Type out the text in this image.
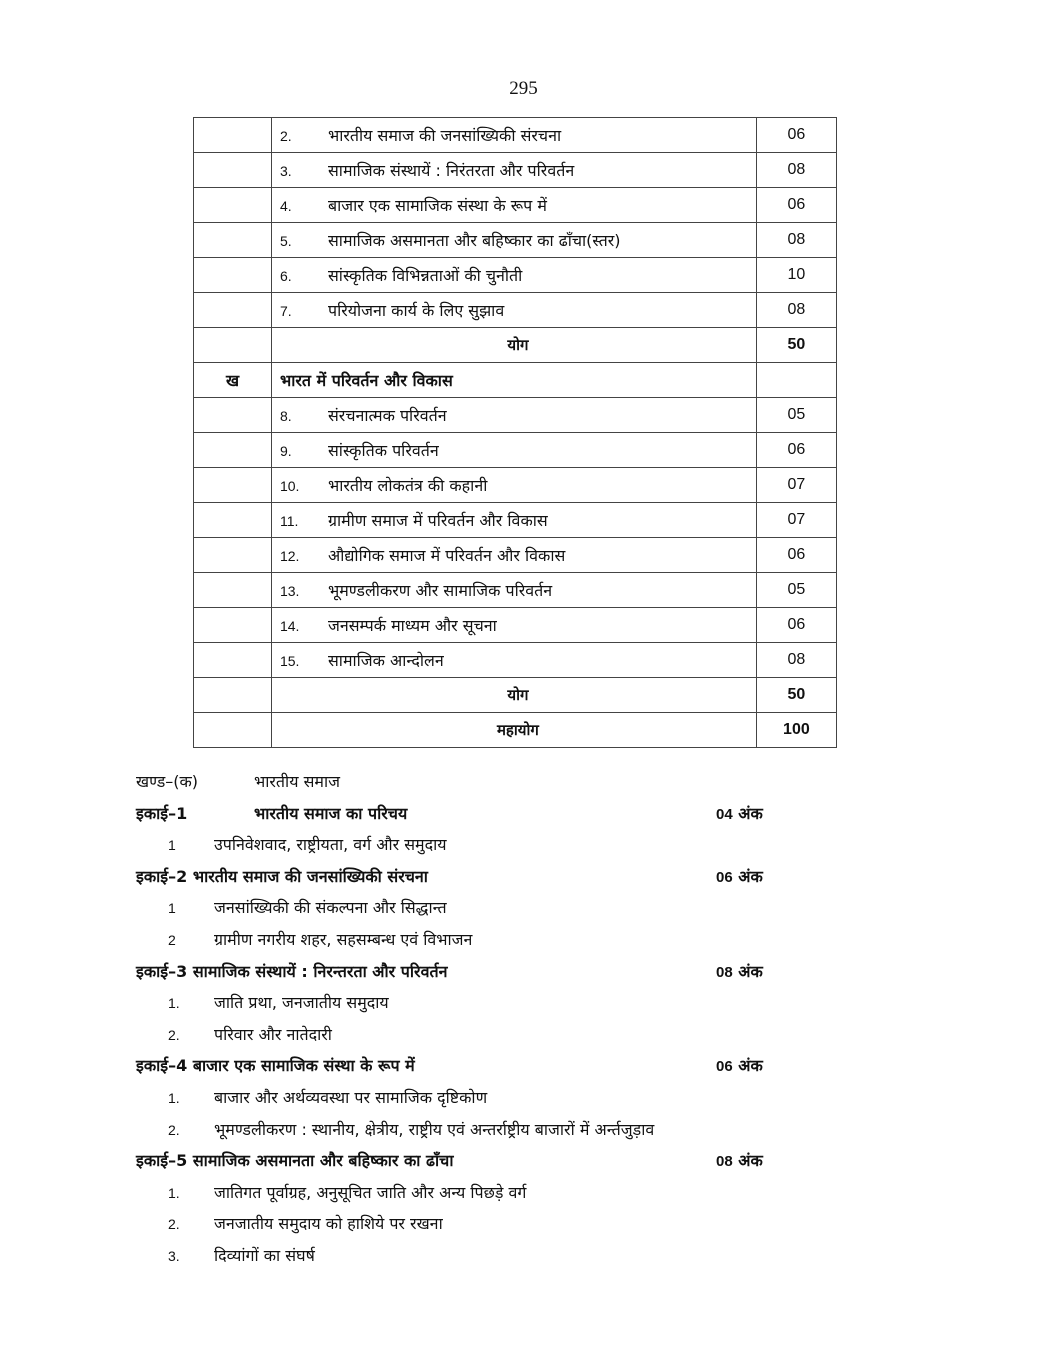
295
	2. भारतीय समाज की जनसांख्यिकी संरचना	06
	3. सामाजिक संस्थायें : निरंतरता और परिवर्तन	08
	4. बाजार एक सामाजिक संस्था के रूप में	06
	5. सामाजिक असमानता और बहिष्कार का ढाँचा(स्तर)	08
	6. सांस्कृतिक विभिन्नताओं की चुनौती	10
	7. परियोजना कार्य के लिए सुझाव	08

	योग	50
ख	भारत में परिवर्तन और विकास	
	8. संरचनात्मक परिवर्तन	05
	9. सांस्कृतिक परिवर्तन	06
	10. भारतीय लोकतंत्र की कहानी	07
	11. ग्रामीण समाज में परिवर्तन और विकास	07
	12. औद्योगिक समाज में परिवर्तन और विकास	06
	13. भूमण्डलीकरण और सामाजिक परिवर्तन	05
	14. जनसम्पर्क माध्यम और सूचना	06
	15. सामाजिक आन्दोलन	08

	योग	50

	महायोग	100
खण्ड–(क)	भारतीय समाज
इकाई–1	भारतीय समाज का परिचय	04 अंक
1 उपनिवेशवाद, राष्ट्रीयता, वर्ग और समुदाय
इकाई–2 भारतीय समाज की जनसांख्यिकी संरचना	06 अंक
1 जनसांख्यिकी की संकल्पना और सिद्धान्त
2 ग्रामीण नगरीय शहर, सहसम्बन्ध एवं विभाजन
इकाई–3 सामाजिक संस्थायें : निरन्तरता और परिवर्तन	08 अंक
1. जाति प्रथा, जनजातीय समुदाय
2. परिवार और नातेदारी
इकाई–4 बाजार एक सामाजिक संस्था के रूप में	06 अंक
1. बाजार और अर्थव्यवस्था पर सामाजिक दृष्टिकोण
2. भूमण्डलीकरण : स्थानीय, क्षेत्रीय, राष्ट्रीय एवं अन्तर्राष्ट्रीय बाजारों में अर्न्तजुड़ाव
इकाई–5 सामाजिक असमानता और बहिष्कार का ढाँचा	08 अंक
1. जातिगत पूर्वाग्रह, अनुसूचित जाति और अन्य पिछड़े वर्ग
2. जनजातीय समुदाय को हाशिये पर रखना
3. दिव्यांगों का संघर्ष
